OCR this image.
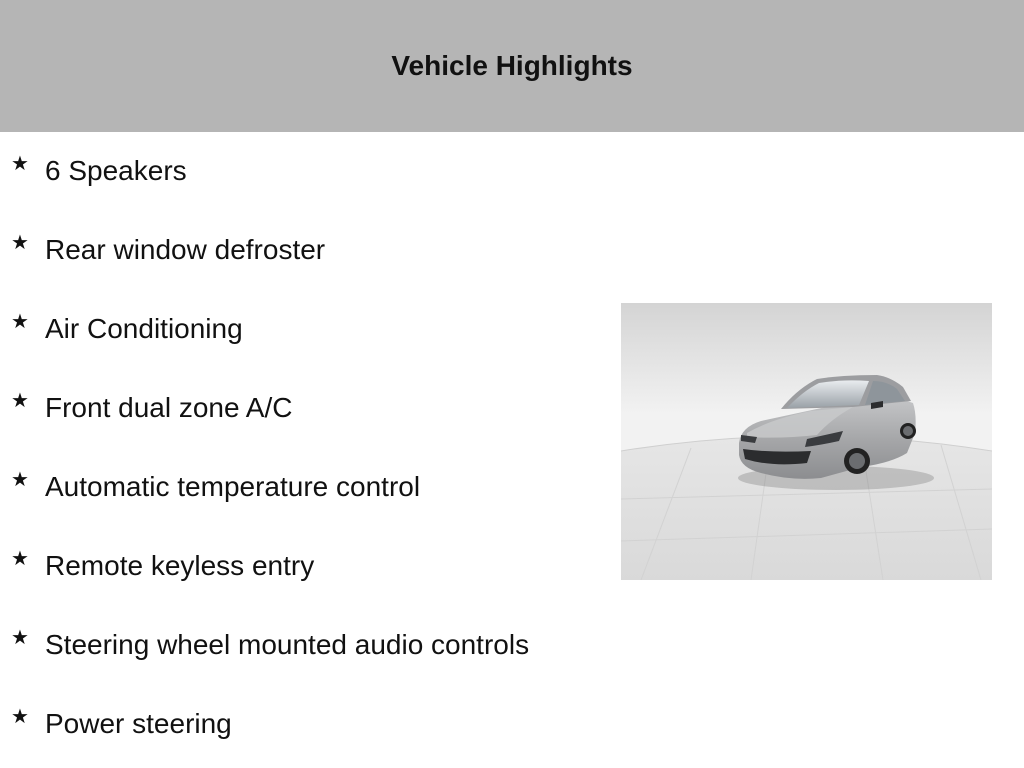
Vehicle Highlights
★ 6 Speakers
★ Rear window defroster
★ Air Conditioning
★ Front dual zone A/C
★ Automatic temperature control
★ Remote keyless entry
★ Steering wheel mounted audio controls
★ Power steering
